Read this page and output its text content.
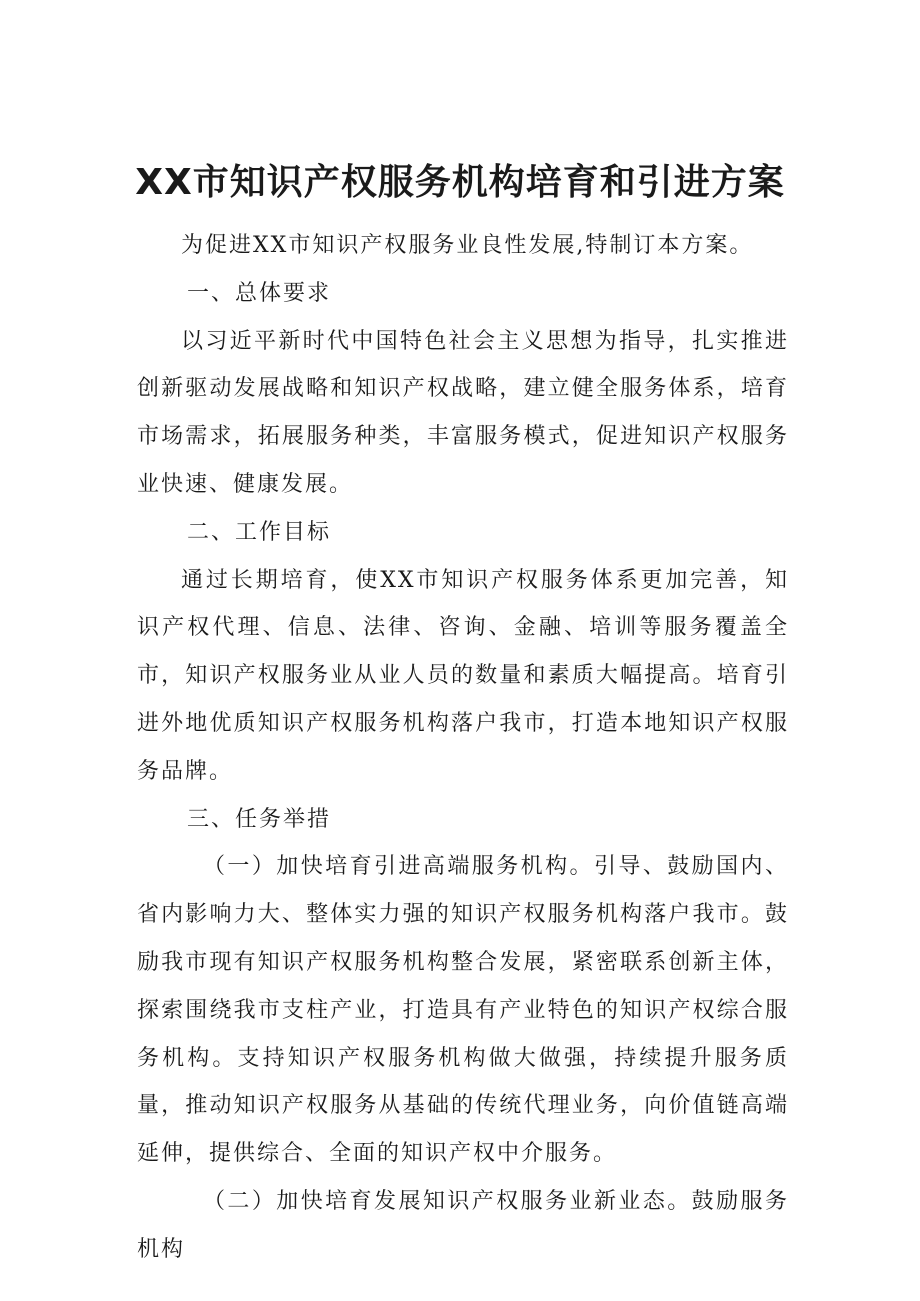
XX市知识产权服务机构培育和引进方案

为促进XX市知识产权服务业良性发展,特制订本方案。

一、总体要求

以习近平新时代中国特色社会主义思想为指导，扎实推进创新驱动发展战略和知识产权战略，建立健全服务体系，培育市场需求，拓展服务种类，丰富服务模式，促进知识产权服务业快速、健康发展。

二、工作目标

通过长期培育，使XX市知识产权服务体系更加完善，知识产权代理、信息、法律、咨询、金融、培训等服务覆盖全市，知识产权服务业从业人员的数量和素质大幅提高。培育引进外地优质知识产权服务机构落户我市，打造本地知识产权服务品牌。

三、任务举措

（一）加快培育引进高端服务机构。引导、鼓励国内、省内影响力大、整体实力强的知识产权服务机构落户我市。鼓励我市现有知识产权服务机构整合发展，紧密联系创新主体，探索围绕我市支柱产业，打造具有产业特色的知识产权综合服务机构。支持知识产权服务机构做大做强，持续提升服务质量，推动知识产权服务从基础的传统代理业务，向价值链高端延伸，提供综合、全面的知识产权中介服务。

（二）加快培育发展知识产权服务业新业态。鼓励服务机构
